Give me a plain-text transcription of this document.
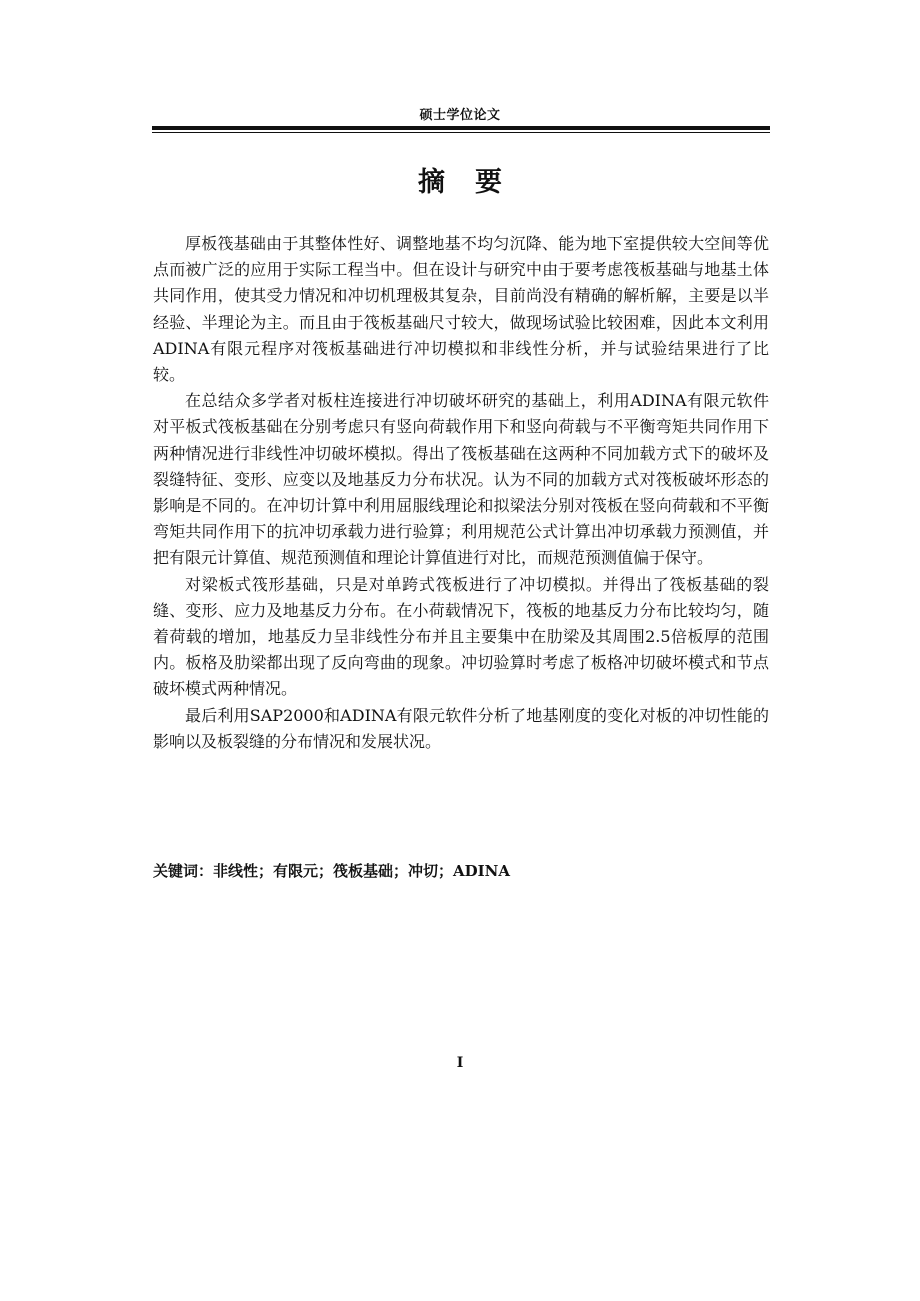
硕士学位论文
摘要

厚板筏基础由于其整体性好、调整地基不均匀沉降、能为地下室提供较大空间等优点而被广泛的应用于实际工程当中。但在设计与研究中由于要考虑筏板基础与地基土体共同作用，使其受力情况和冲切机理极其复杂，目前尚没有精确的解析解，主要是以半经验、半理论为主。而且由于筏板基础尺寸较大，做现场试验比较困难，因此本文利用ADINA有限元程序对筏板基础进行冲切模拟和非线性分析，并与试验结果进行了比较。

在总结众多学者对板柱连接进行冲切破坏研究的基础上，利用ADINA有限元软件对平板式筏板基础在分别考虑只有竖向荷载作用下和竖向荷载与不平衡弯矩共同作用下两种情况进行非线性冲切破坏模拟。得出了筏板基础在这两种不同加载方式下的破坏及裂缝特征、变形、应变以及地基反力分布状况。认为不同的加载方式对筏板破坏形态的影响是不同的。在冲切计算中利用屈服线理论和拟梁法分别对筏板在竖向荷载和不平衡弯矩共同作用下的抗冲切承载力进行验算；利用规范公式计算出冲切承载力预测值，并把有限元计算值、规范预测值和理论计算值进行对比，而规范预测值偏于保守。

对梁板式筏形基础，只是对单跨式筏板进行了冲切模拟。并得出了筏板基础的裂缝、变形、应力及地基反力分布。在小荷载情况下，筏板的地基反力分布比较均匀，随着荷载的增加，地基反力呈非线性分布并且主要集中在肋梁及其周围2.5倍板厚的范围内。板格及肋梁都出现了反向弯曲的现象。冲切验算时考虑了板格冲切破坏模式和节点破坏模式两种情况。

最后利用SAP2000和ADINA有限元软件分析了地基刚度的变化对板的冲切性能的影响以及板裂缝的分布情况和发展状况。

关键词：非线性；有限元；筏板基础；冲切；ADINA
I
